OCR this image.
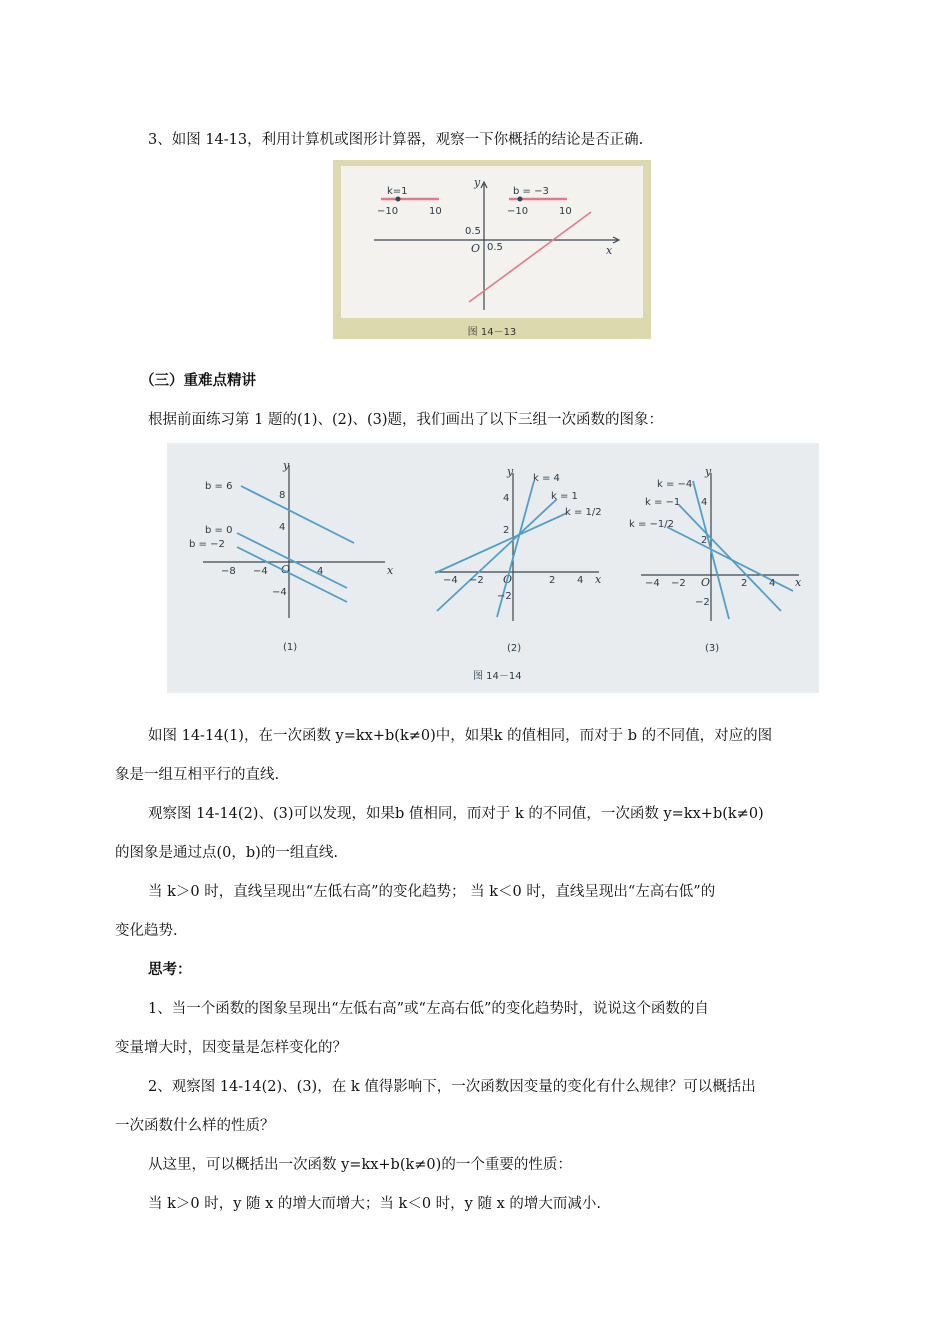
3、如图 14-13，利用计算机或图形计算器，观察一下你概括的结论是否正确.
k=1
−10	10
b = −3
−10	10
y
x
O
0.5
0.5
图 14－13
（三）重难点精讲
根据前面练习第 1 题的(1)、(2)、(3)题，我们画出了以下三组一次函数的图象：
y
x
O
b = 6
b = 0
b = −2
−8 −4	4
8
4
−4
(1)
y
x
O
k = 4
k = 1
k = 1/2
−4 −2	2 4
4
2
−2
(2)
y
x
O
k = −4
k = −1
k = −1/2
−4 −2	2 4
4
2
−2
(3)
图 14－14
如图 14-14(1)，在一次函数 y=kx+b(k≠0)中，如果k 的值相同，而对于 b 的不同值，对应的图
象是一组互相平行的直线.
观察图 14-14(2)、(3)可以发现，如果b 值相同，而对于 k 的不同值，一次函数 y=kx+b(k≠0)
的图象是通过点(0，b)的一组直线.
当 k＞0 时，直线呈现出“左低右高”的变化趋势； 当 k＜0 时，直线呈现出“左高右低”的
变化趋势.
思考：
1、当一个函数的图象呈现出“左低右高”或“左高右低”的变化趋势时，说说这个函数的自
变量增大时，因变量是怎样变化的？
2、观察图 14-14(2)、(3)，在 k 值得影响下，一次函数因变量的变化有什么规律？可以概括出
一次函数什么样的性质？
从这里，可以概括出一次函数 y=kx+b(k≠0)的一个重要的性质：
当 k＞0 时，y 随 x 的增大而增大；当 k＜0 时，y 随 x 的增大而减小.
